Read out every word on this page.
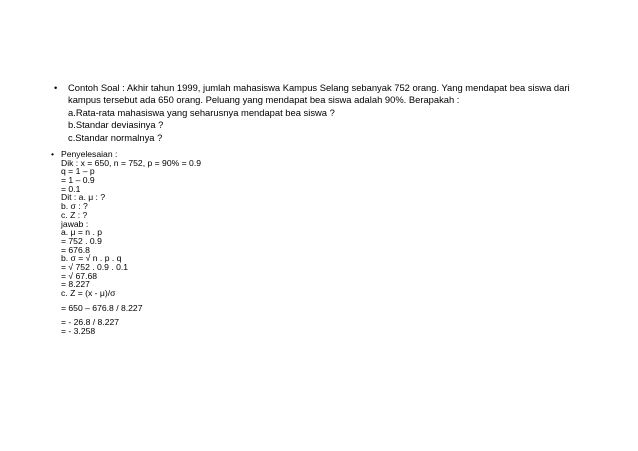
•	Contoh Soal : Akhir tahun 1999, jumlah mahasiswa Kampus Selang sebanyak 752 orang. Yang mendapat bea siswa dari
kampus tersebut ada 650 orang. Peluang yang mendapat bea siswa adalah 90%. Berapakah :
a.Rata-rata mahasiswa yang seharusnya mendapat bea siswa ?
b.Standar deviasinya ?
c.Standar normalnya ?
• Penyelesaian :
Dik : x = 650, n = 752, p = 90% = 0.9
q = 1 – p
= 1 – 0.9
= 0.1
Dit : a. μ : ?
b. σ : ?
c. Z : ?
jawab :
a. μ = n . p
= 752 . 0.9
= 676.8
b. σ = √ n . p . q
= √ 752 . 0.9 . 0.1
= √ 67.68
= 8.227
c. Z = (x - μ)/σ
= 650 – 676.8 / 8.227
= - 26.8 / 8.227
= - 3.258
